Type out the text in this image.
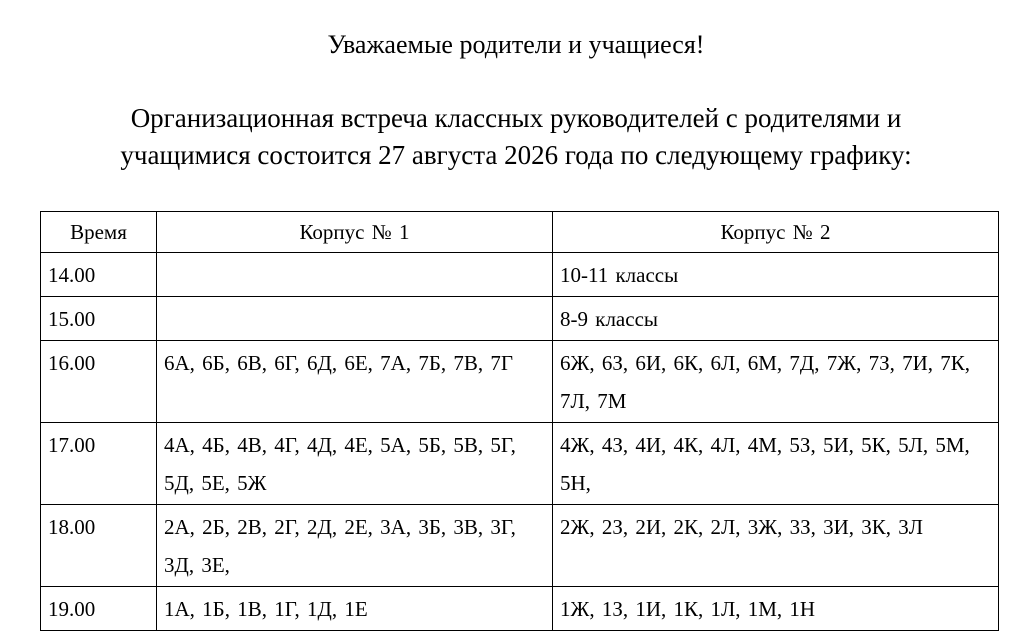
Уважаемые родители и учащиеся!
Организационная встреча классных руководителей с родителями и
учащимися состоится 27 августа 2026 года по следующему графику:
Время	Корпус № 1	Корпус № 2
14.00		10-11 классы
15.00		8-9 классы
16.00	6А, 6Б, 6В, 6Г, 6Д, 6Е, 7А, 7Б, 7В, 7Г	6Ж, 6З, 6И, 6К, 6Л, 6М, 7Д, 7Ж, 7З, 7И, 7К, 7Л, 7М
17.00	4А, 4Б, 4В, 4Г, 4Д, 4Е, 5А, 5Б, 5В, 5Г, 5Д, 5Е, 5Ж	4Ж, 4З, 4И, 4К, 4Л, 4М, 5З, 5И, 5К, 5Л, 5М, 5Н,
18.00	2А, 2Б, 2В, 2Г, 2Д, 2Е, 3А, 3Б, 3В, 3Г, 3Д, 3Е,	2Ж, 2З, 2И, 2К, 2Л, 3Ж, 3З, 3И, 3К, 3Л
19.00	1А, 1Б, 1В, 1Г, 1Д, 1Е	1Ж, 1З, 1И, 1К, 1Л, 1М, 1Н
